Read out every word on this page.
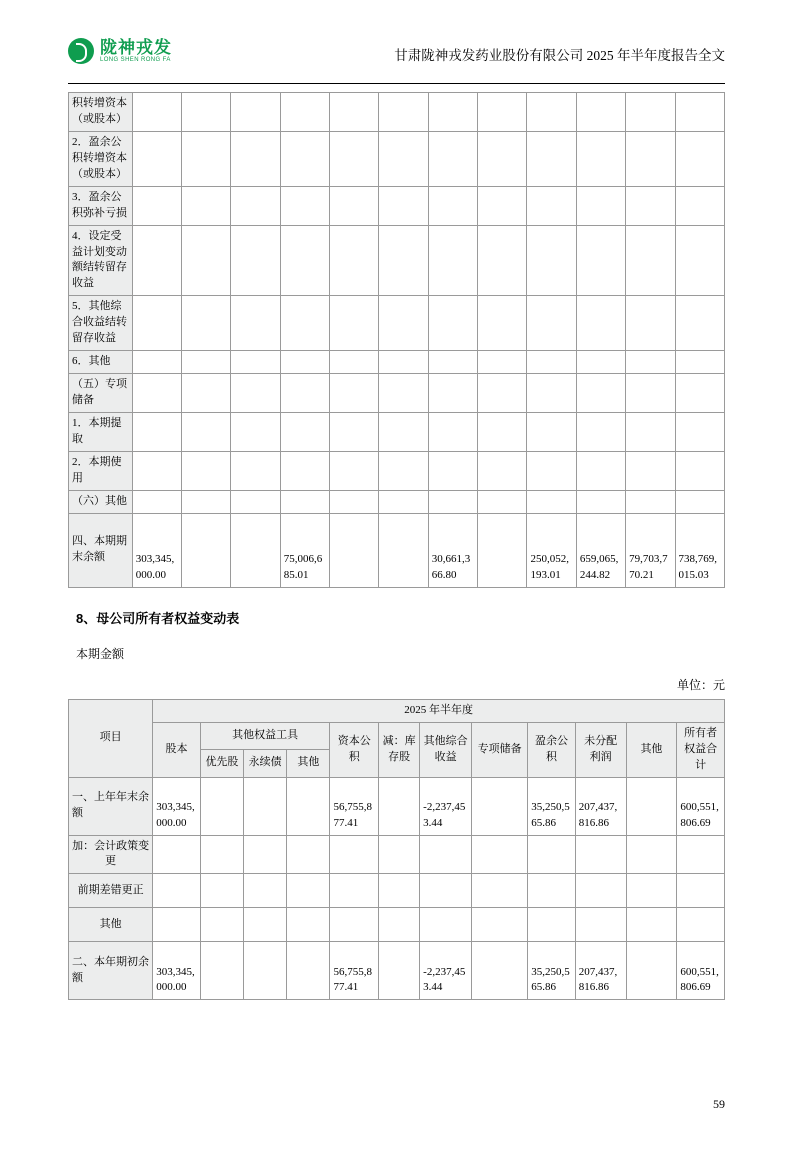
陇神戎发
LONG SHEN RONG FA	甘肃陇神戎发药业股份有限公司 2025 年半年度报告全文
积转增资本（或股本）												
2．盈余公积转增资本（或股本）												
3．盈余公积弥补亏损												
4．设定受益计划变动额结转留存收益												
5．其他综合收益结转留存收益												
6．其他												
（五）专项储备												
1．本期提取												
2．本期使用												
（六）其他												
四、本期期末余额	303,345,000.00			75,006,685.01			30,661,366.80		250,052,193.01	659,065,244.82	79,703,770.21	738,769,015.03
8、母公司所有者权益变动表
本期金额
单位：元
项目	2025 年半年度											
	股本	其他权益工具			资本公积	减：库存股	其他综合收益	专项储备	盈余公积	未分配利润	其他	所有者权益合计
		优先股	永续债	其他								
一、上年年末余额	303,345,000.00				56,755,877.41		-2,237,453.44		35,250,565.86	207,437,816.86		600,551,806.69
加：会计政策变更												
前期差错更正												
其他												
二、本年期初余额	303,345,000.00				56,755,877.41		-2,237,453.44		35,250,565.86	207,437,816.86		600,551,806.69
59
